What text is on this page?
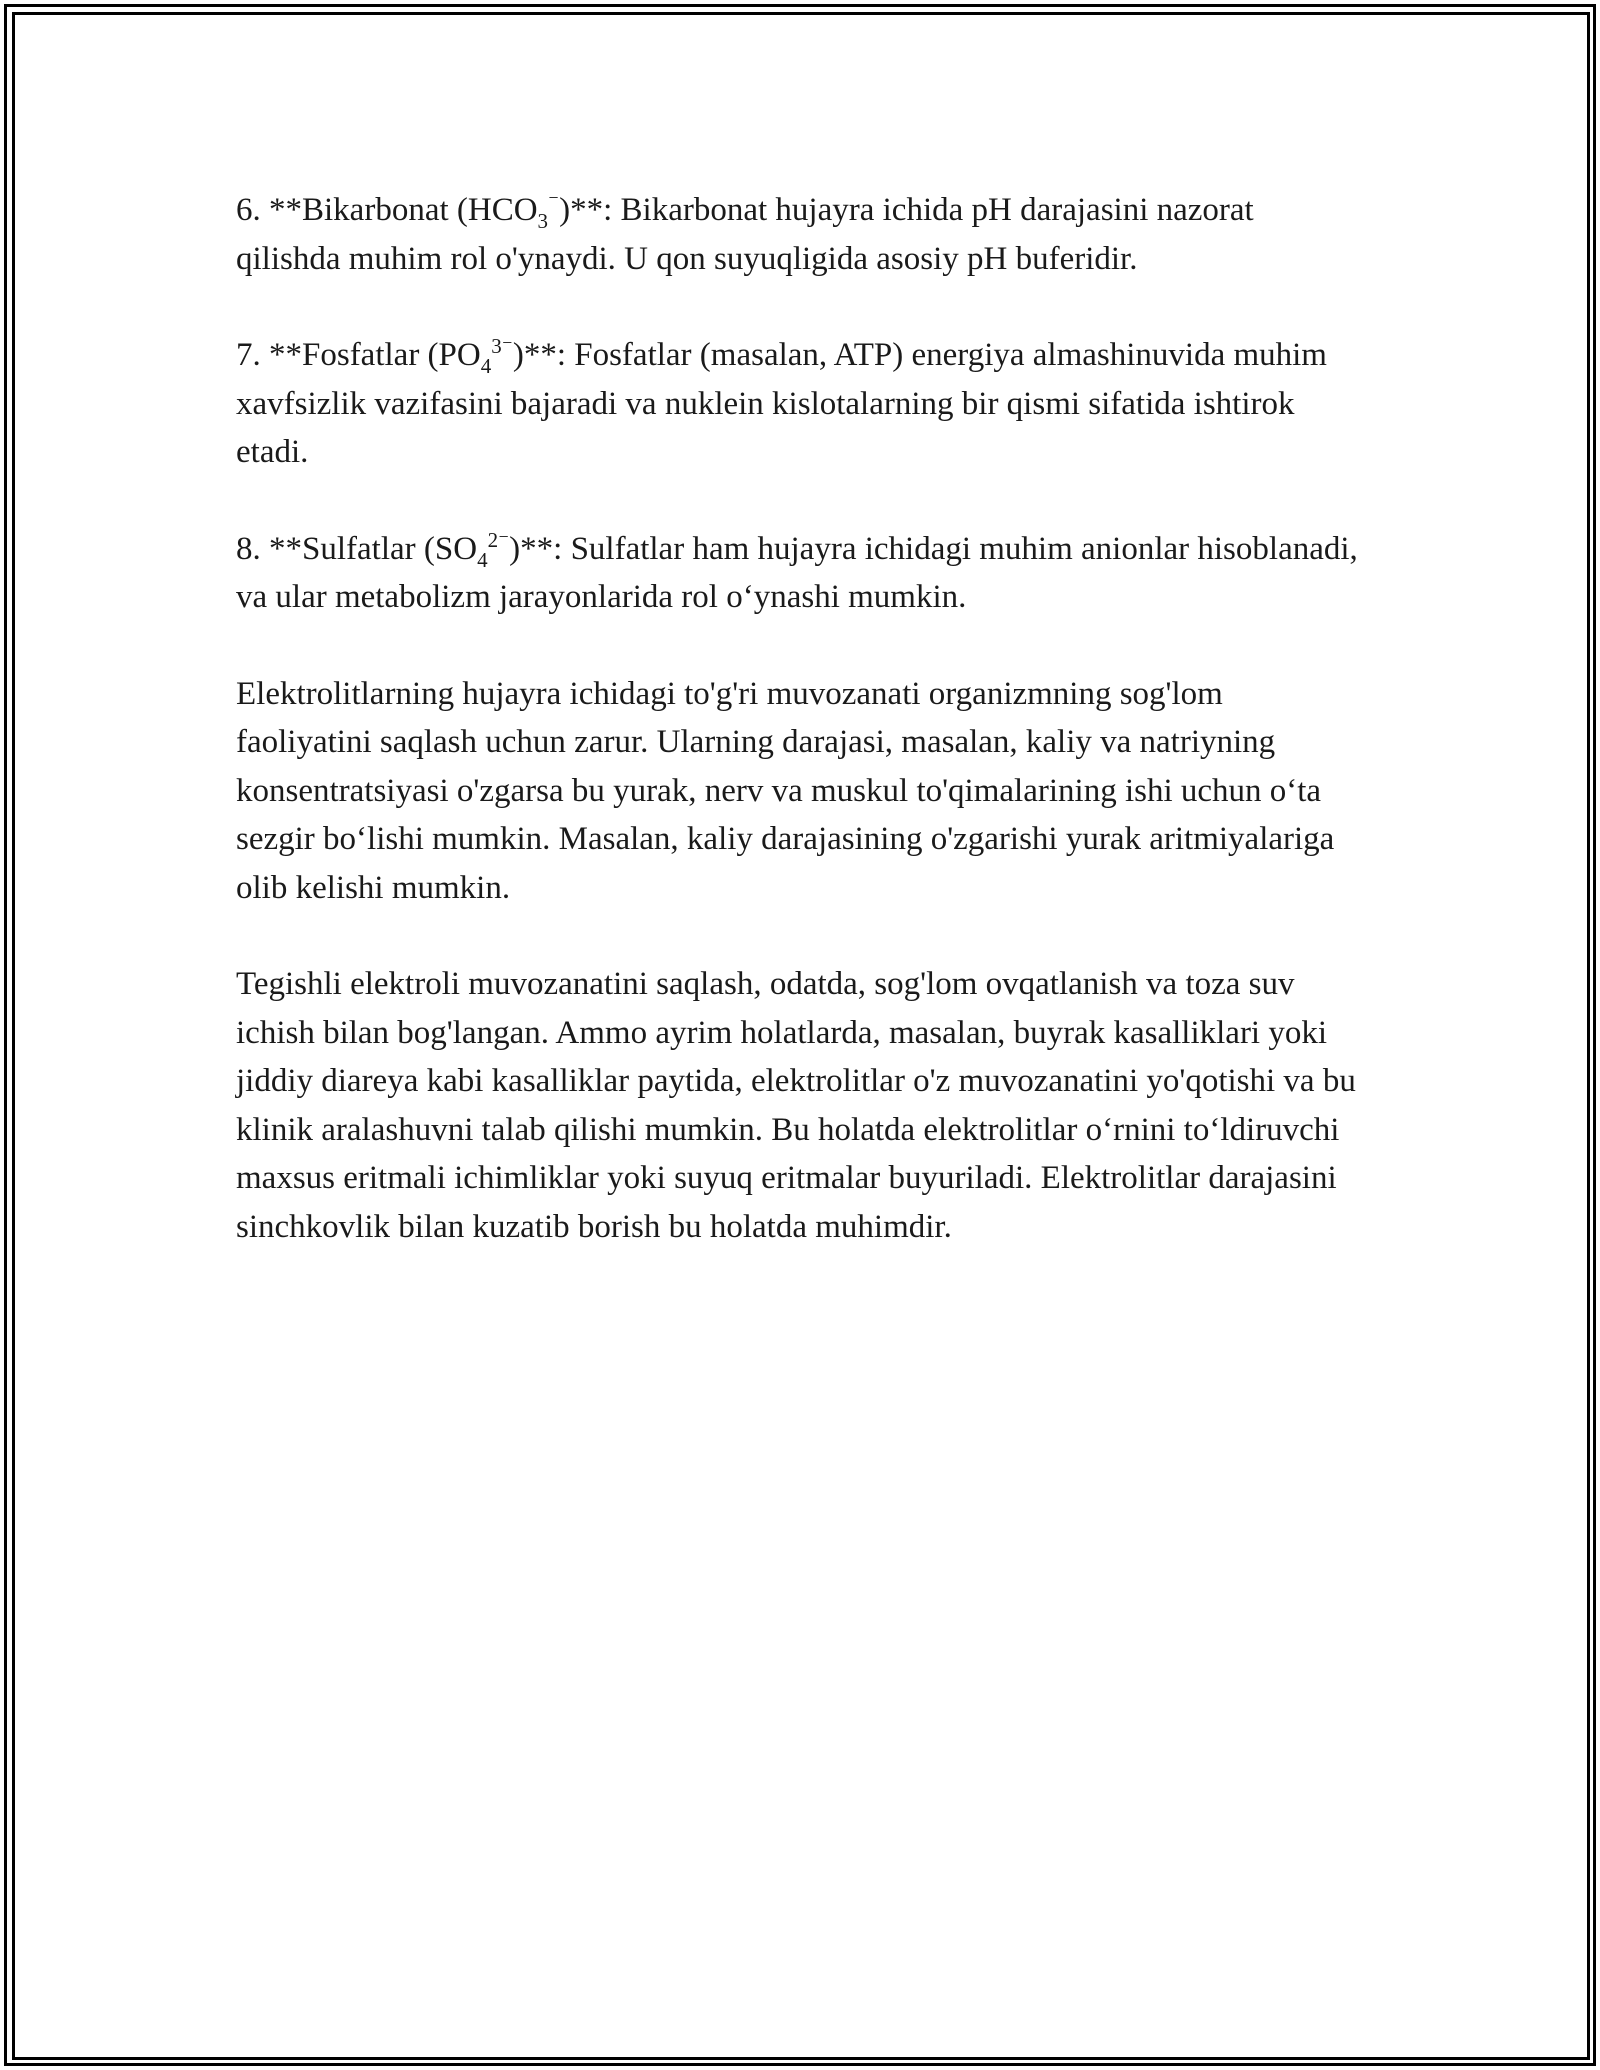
6. **Bikarbonat $(HCO_3^{^-})**$: Bikarbonat hujayra ichida pH darajasini nazorat qilishda muhim rol o'ynaydi. U qon suyuqligida asosiy pH buferidir.

7. **Fosfatlar $(PO_4^{3^-})**$: Fosfatlar (masalan, ATP) energiya almashinuvida muhim xavfsizlik vazifasini bajaradi va nuklein kislotalarning bir qismi sifatida ishtirok etadi.

8. **Sulfatlar $(SO_4^{2^-})**$: Sulfatlar ham hujayra ichidagi muhim anionlar hisoblanadi, va ular metabolizm jarayonlarida rol o‘ynashi mumkin.

Elektrolitlarning hujayra ichidagi to'g'ri muvozanati organizmning sog'lom faoliyatini saqlash uchun zarur. Ularning darajasi, masalan, kaliy va natriyning konsentratsiyasi o'zgarsa bu yurak, nerv va muskul to'qimalarining ishi uchun o‘ta sezgir bo‘lishi mumkin. Masalan, kaliy darajasining o'zgarishi yurak aritmiyalariga olib kelishi mumkin.

Tegishli elektroli muvozanatini saqlash, odatda, sog'lom ovqatlanish va toza suv ichish bilan bog'langan. Ammo ayrim holatlarda, masalan, buyrak kasalliklari yoki jiddiy diareya kabi kasalliklar paytida, elektrolitlar o'z muvozanatini yo'qotishi va bu klinik aralashuvni talab qilishi mumkin. Bu holatda elektrolitlar o‘rnini to‘ldiruvchi maxsus eritmali ichimliklar yoki suyuq eritmalar buyuriladi. Elektrolitlar darajasini sinchkovlik bilan kuzatib borish bu holatda muhimdir.
